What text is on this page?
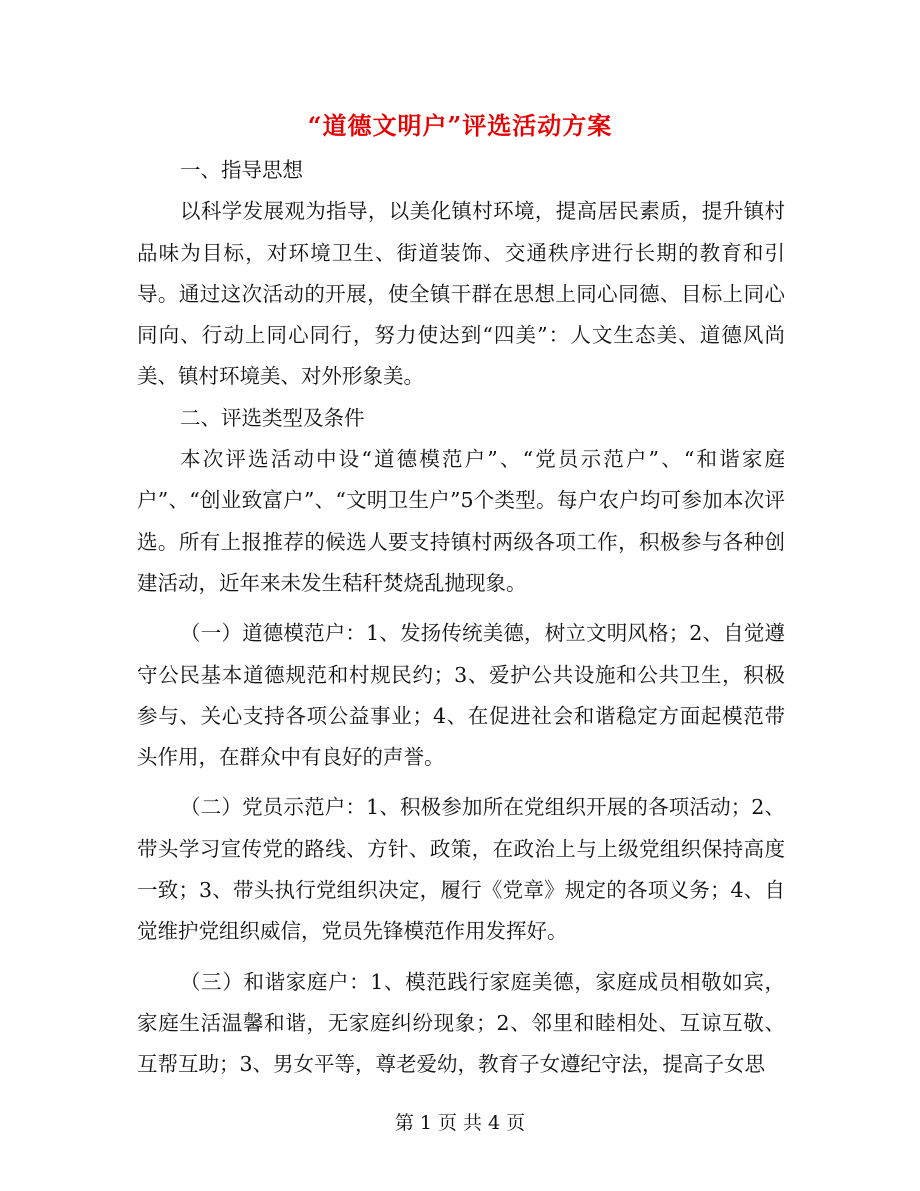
“道德文明户”评选活动方案

一、指导思想

以科学发展观为指导，以美化镇村环境，提高居民素质，提升镇村品味为目标，对环境卫生、街道装饰、交通秩序进行长期的教育和引导。通过这次活动的开展，使全镇干群在思想上同心同德、目标上同心同向、行动上同心同行，努力使达到“四美”：人文生态美、道德风尚美、镇村环境美、对外形象美。

二、评选类型及条件

本次评选活动中设“道德模范户”、“党员示范户”、“和谐家庭户”、“创业致富户”、“文明卫生户”5个类型。每户农户均可参加本次评选。所有上报推荐的候选人要支持镇村两级各项工作，积极参与各种创建活动，近年来未发生秸秆焚烧乱抛现象。

（一）道德模范户：1、发扬传统美德，树立文明风格；2、自觉遵守公民基本道德规范和村规民约；3、爱护公共设施和公共卫生，积极参与、关心支持各项公益事业；4、在促进社会和谐稳定方面起模范带头作用，在群众中有良好的声誉。

（二）党员示范户：1、积极参加所在党组织开展的各项活动；2、带头学习宣传党的路线、方针、政策，在政治上与上级党组织保持高度一致；3、带头执行党组织决定，履行《党章》规定的各项义务；4、自觉维护党组织威信，党员先锋模范作用发挥好。

（三）和谐家庭户：1、模范践行家庭美德，家庭成员相敬如宾，家庭生活温馨和谐，无家庭纠纷现象；2、邻里和睦相处、互谅互敬、互帮互助；3、男女平等，尊老爱幼，教育子女遵纪守法，提高子女思

第 1 页 共 4 页
